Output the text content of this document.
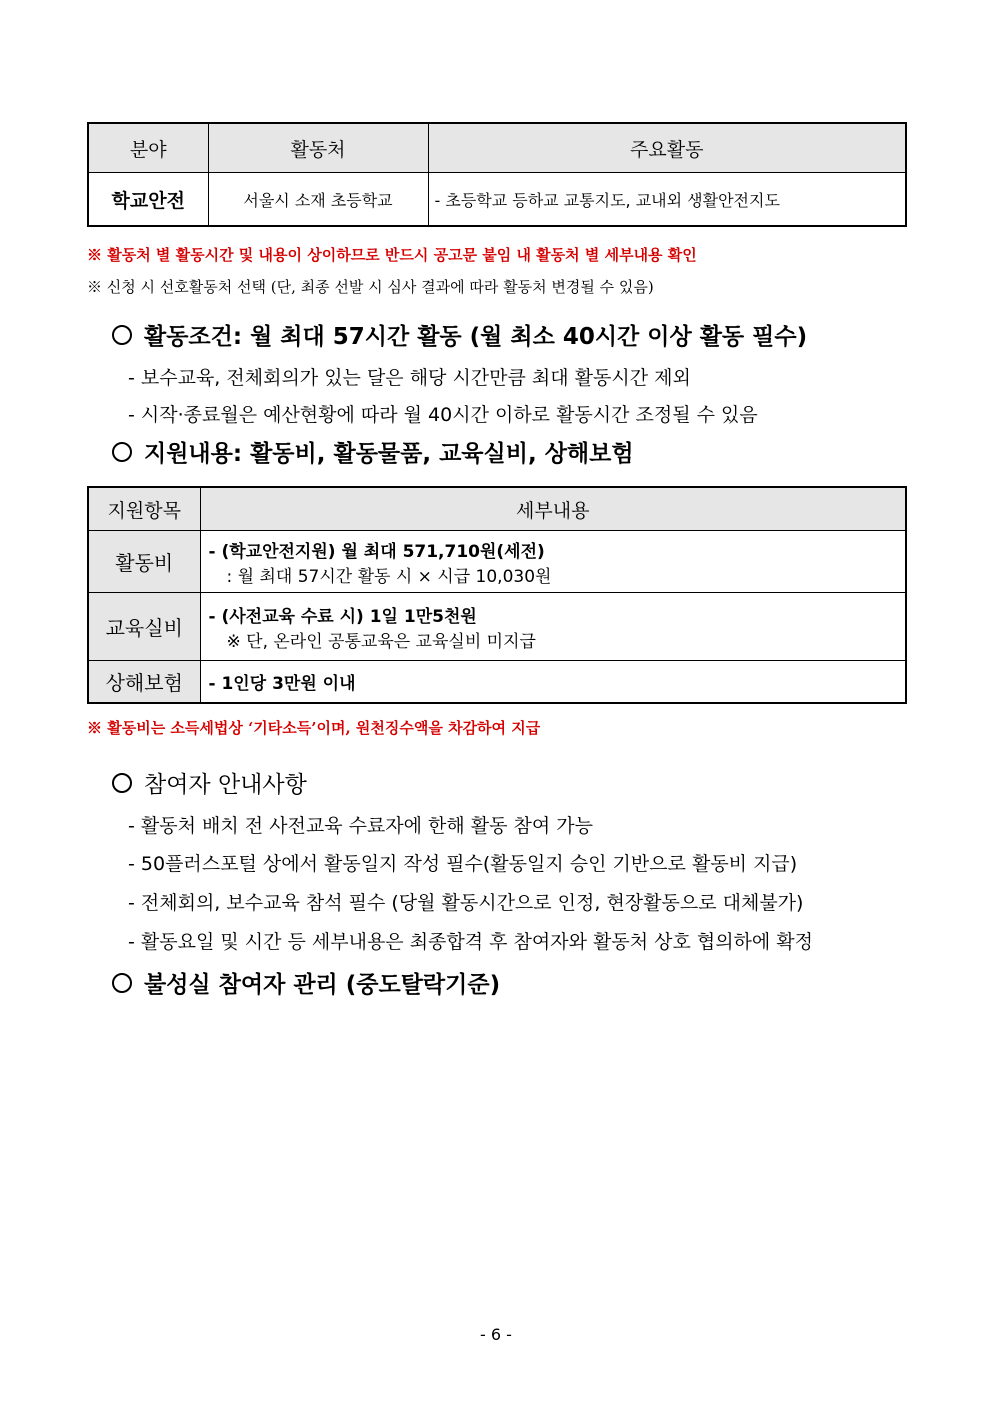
분야	활동처	주요활동
학교안전	서울시 소재 초등학교	- 초등학교 등하교 교통지도, 교내외 생활안전지도
※ 활동처 별 활동시간 및 내용이 상이하므로 반드시 공고문 붙임 내 활동처 별 세부내용 확인
※ 신청 시 선호활동처 선택 (단, 최종 선발 시 심사 결과에 따라 활동처 변경될 수 있음)
활동조건: 월 최대 57시간 활동 (월 최소 40시간 이상 활동 필수)
- 보수교육, 전체회의가 있는 달은 해당 시간만큼 최대 활동시간 제외
- 시작·종료월은 예산현황에 따라 월 40시간 이하로 활동시간 조정될 수 있음
지원내용: 활동비, 활동물품, 교육실비, 상해보험
지원항목	세부내용
활동비	- (학교안전지원) 월 최대 571,710원(세전)
: 월 최대 57시간 활동 시 × 시급 10,030원

교육실비	- (사전교육 수료 시) 1일 1만5천원
※ 단, 온라인 공통교육은 교육실비 미지급

상해보험	- 1인당 3만원 이내
※ 활동비는 소득세법상 ‘기타소득’이며, 원천징수액을 차감하여 지급
참여자 안내사항
- 활동처 배치 전 사전교육 수료자에 한해 활동 참여 가능
- 50플러스포털 상에서 활동일지 작성 필수(활동일지 승인 기반으로 활동비 지급)
- 전체회의, 보수교육 참석 필수 (당월 활동시간으로 인정, 현장활동으로 대체불가)
- 활동요일 및 시간 등 세부내용은 최종합격 후 참여자와 활동처 상호 협의하에 확정
불성실 참여자 관리 (중도탈락기준)
- 6 -
